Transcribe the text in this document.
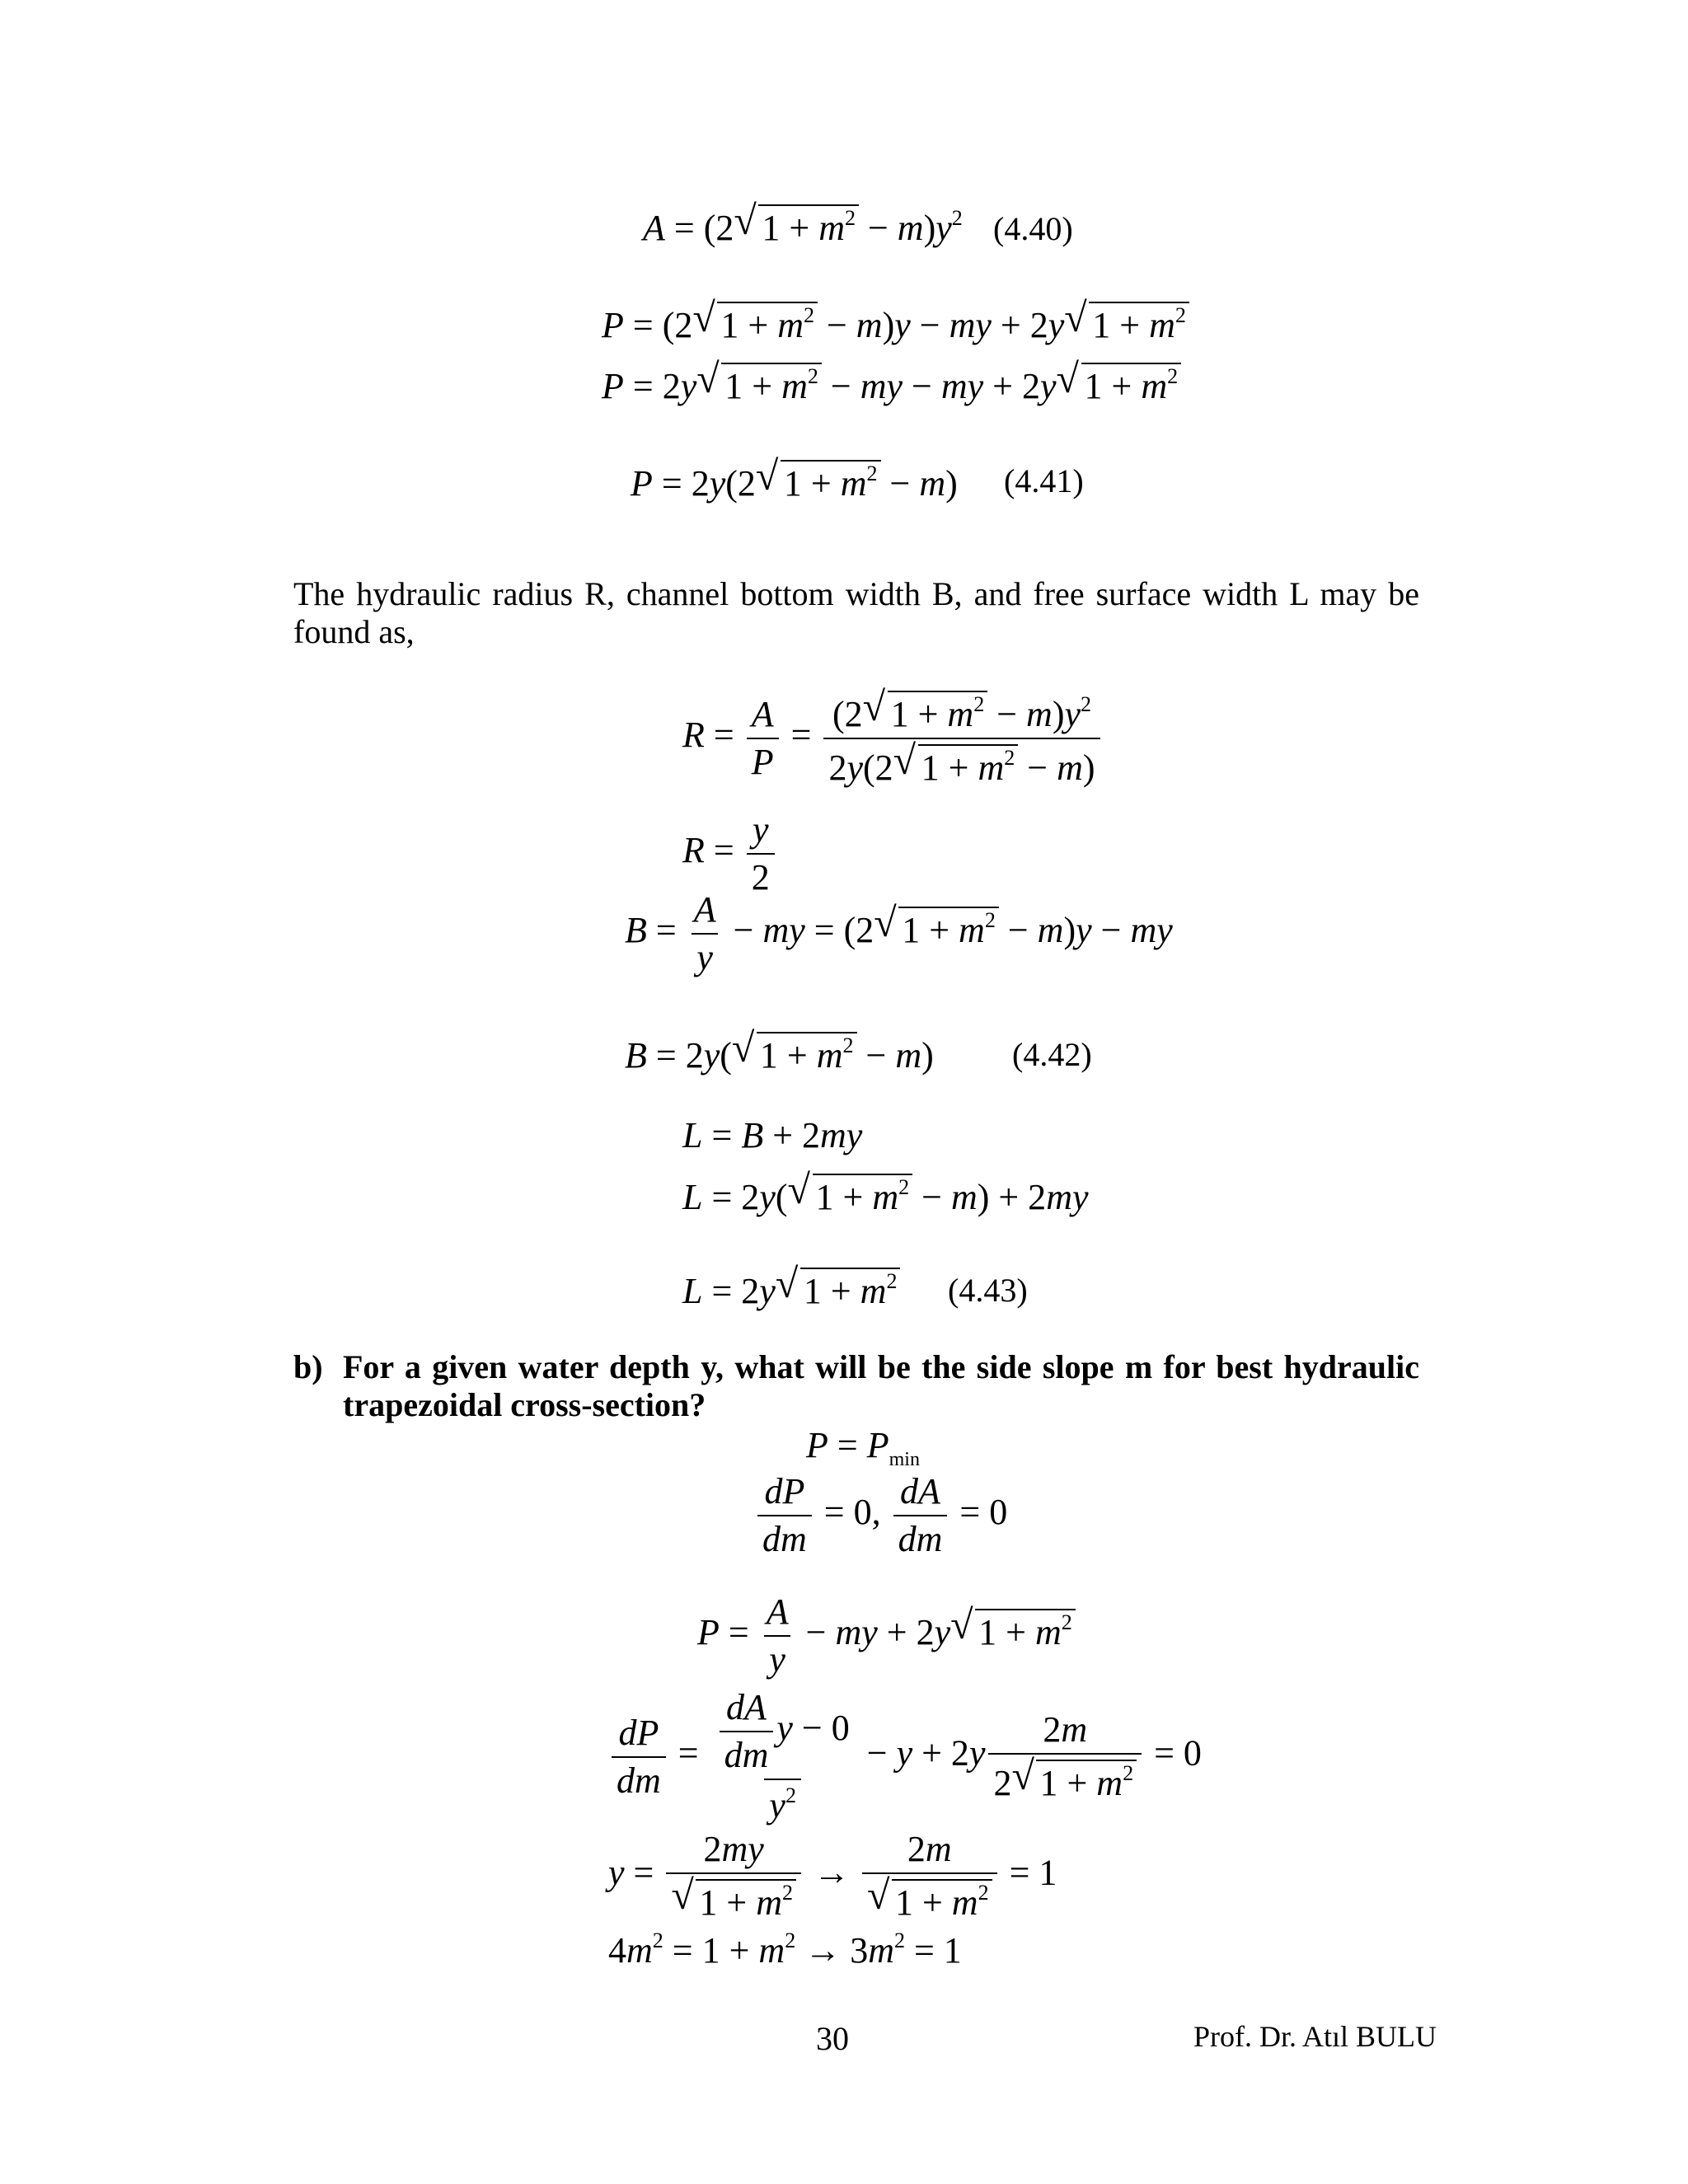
A = (2 √ $1 + m^2 - m)y^2$ (4.40)
P = (2 √ $1 + m^2 - m)y$ − my + 2y √ $1 + m^2$
P = 2y √ $1 + m^2$ − my − my + 2y √ $1 + m^2$
P = 2y(2 √ $1 + m^2 - m$) (4.41)
The hydraulic radius R, channel bottom width B, and free surface width L may be found as,
$R = \frac{A}{P} = \frac{(2 √ 1 + m^2 - m)y^2}{2y(2 √ 1 + m^2 - m)}$
$R = \frac{y}{2}$
$B = \frac{A}{y}$ − my = (2 √ $1 + m^2 - m)y$ − my
B = 2y( √ $1 + m^2 - m$) (4.42)
L = B + 2my
L = 2y( √ $1 + m^2 - m) + 2my$
L = 2y √ $1 + m^2$ (4.43)
b) For a given water depth y, what will be the side slope m for best hydraulic trapezoidal cross-section?
$P = P_{min}$
$\frac{dP}{dm} = 0$, $\frac{dA}{dm} = 0$
$P = \frac{A}{y}$ − my + 2y √ $1 + m^2$
$\frac{dP}{dm} = \frac{\frac{dA}{dm} y - 0}{y^2} - y + 2y \frac{2m}{2 √ 1 + m^2} = 0$
$y = \frac{2my}{√ 1 + m^2} \to \frac{2m}{√ 1 + m^2} = 1$
$4m^2 = 1 + m^2 \to 3m^2 = 1$
30	Prof. Dr. Atıl BULU
